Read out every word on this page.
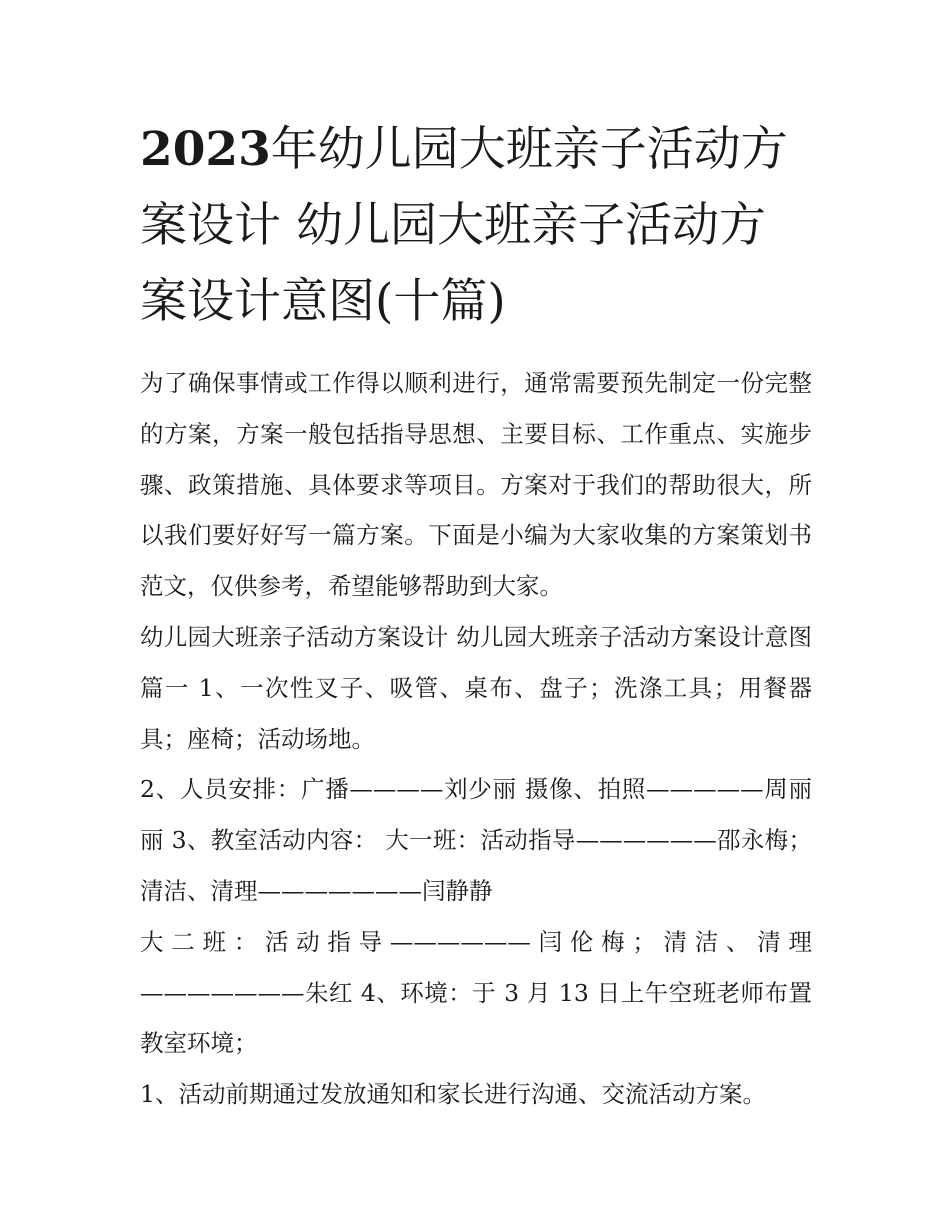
2023年幼儿园大班亲子活动方案设计 幼儿园大班亲子活动方案设计意图(十篇)

为了确保事情或工作得以顺利进行，通常需要预先制定一份完整的方案，方案一般包括指导思想、主要目标、工作重点、实施步骤、政策措施、具体要求等项目。方案对于我们的帮助很大，所以我们要好好写一篇方案。下面是小编为大家收集的方案策划书范文，仅供参考，希望能够帮助到大家。

幼儿园大班亲子活动方案设计 幼儿园大班亲子活动方案设计意图篇一 1、一次性叉子、吸管、桌布、盘子；洗涤工具；用餐器具；座椅；活动场地。

2、人员安排：广播————刘少丽 摄像、拍照—————周丽丽 3、教室活动内容： 大一班：活动指导——————邵永梅；清洁、清理———————闫静静

大二班：活动指导——————闫伦梅；清洁、清理———————朱红 4、环境：于 3 月 13 日上午空班老师布置教室环境；

1、活动前期通过发放通知和家长进行沟通、交流活动方案。
